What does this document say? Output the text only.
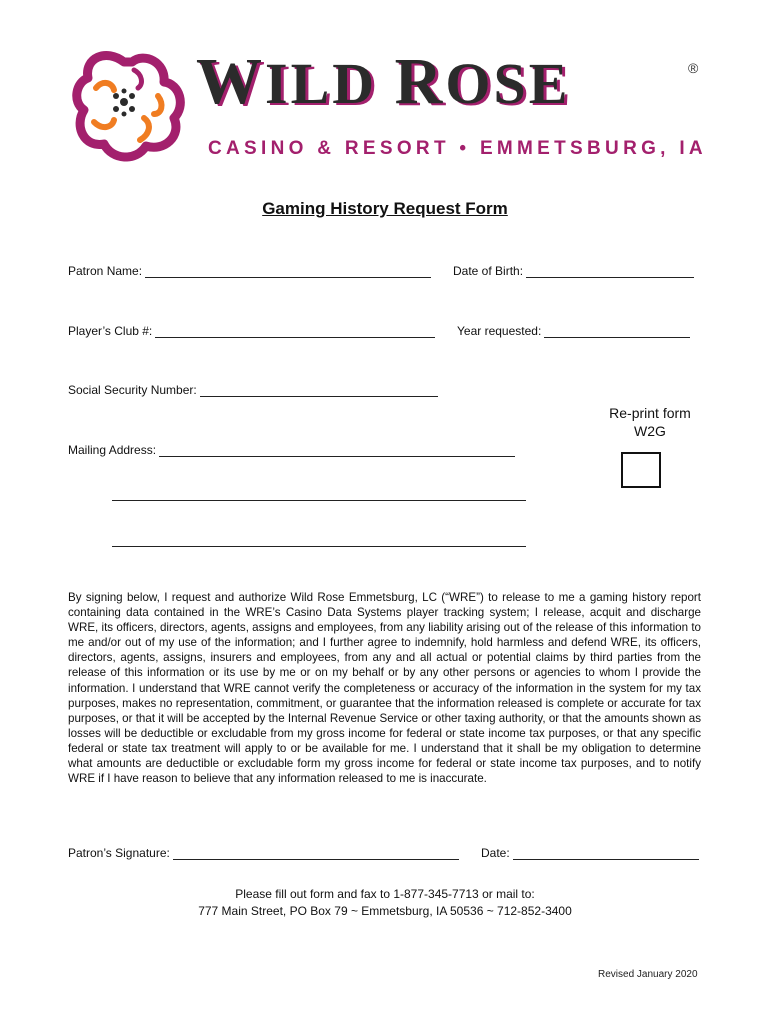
WILD ROSE	®
CASINO & RESORT • EMMETSBURG, IA
Gaming History Request Form
Patron Name:	Date of Birth:
Player’s Club #:	Year requested:
Social Security Number:
Re-print form
W2G
Mailing Address:
By signing below, I request and authorize Wild Rose Emmetsburg, LC (“WRE”) to release to me a gaming history report containing data contained in the WRE’s Casino Data Systems player tracking system; I release, acquit and discharge WRE, its officers, directors, agents, assigns and employees, from any liability arising out of the release of this information to me and/or out of my use of the information; and I further agree to indemnify, hold harmless and defend WRE, its officers, directors, agents, assigns, insurers and employees, from any and all actual or potential claims by third parties from the release of this information or its use by me or on my behalf or by any other persons or agencies to whom I provide the information. I understand that WRE cannot verify the completeness or accuracy of the information in the system for my tax purposes, makes no representation, commitment, or guarantee that the information released is complete or accurate for tax purposes, or that it will be accepted by the Internal Revenue Service or other taxing authority, or that the amounts shown as losses will be deductible or excludable from my gross income for federal or state income tax purposes, or that any specific federal or state tax treatment will apply to or be available for me. I understand that it shall be my obligation to determine what amounts are deductible or excludable form my gross income for federal or state income tax purposes, and to notify WRE if I have reason to believe that any information released to me is inaccurate.
Patron’s Signature:	Date:
Please fill out form and fax to 1-877-345-7713 or mail to:
777 Main Street, PO Box 79 ~ Emmetsburg, IA 50536 ~ 712-852-3400
Revised January 2020
